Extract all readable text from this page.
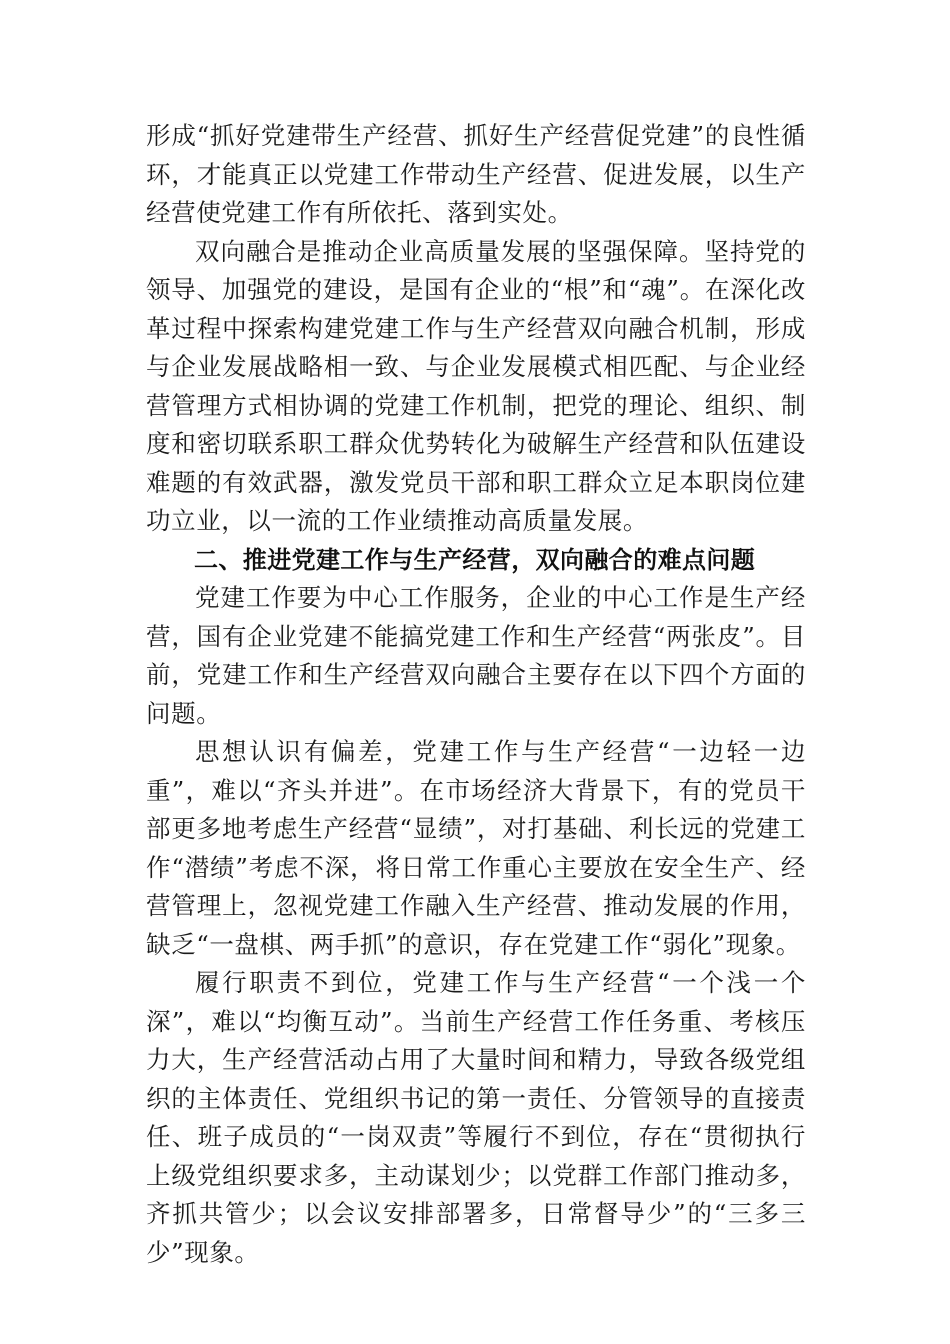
形成“抓好党建带生产经营、抓好生产经营促党建”的良性循环，才能真正以党建工作带动生产经营、促进发展，以生产经营使党建工作有所依托、落到实处。

双向融合是推动企业高质量发展的坚强保障。坚持党的领导、加强党的建设，是国有企业的“根”和“魂”。在深化改革过程中探索构建党建工作与生产经营双向融合机制，形成与企业发展战略相一致、与企业发展模式相匹配、与企业经营管理方式相协调的党建工作机制，把党的理论、组织、制度和密切联系职工群众优势转化为破解生产经营和队伍建设难题的有效武器，激发党员干部和职工群众立足本职岗位建功立业，以一流的工作业绩推动高质量发展。

二、推进党建工作与生产经营，双向融合的难点问题

党建工作要为中心工作服务，企业的中心工作是生产经营，国有企业党建不能搞党建工作和生产经营“两张皮”。目前，党建工作和生产经营双向融合主要存在以下四个方面的问题。

思想认识有偏差，党建工作与生产经营“一边轻一边重”，难以“齐头并进”。在市场经济大背景下，有的党员干部更多地考虑生产经营“显绩”，对打基础、利长远的党建工作“潜绩”考虑不深，将日常工作重心主要放在安全生产、经营管理上，忽视党建工作融入生产经营、推动发展的作用，缺乏“一盘棋、两手抓”的意识，存在党建工作“弱化”现象。

履行职责不到位，党建工作与生产经营“一个浅一个深”，难以“均衡互动”。当前生产经营工作任务重、考核压力大，生产经营活动占用了大量时间和精力，导致各级党组织的主体责任、党组织书记的第一责任、分管领导的直接责任、班子成员的“一岗双责”等履行不到位，存在“贯彻执行上级党组织要求多，主动谋划少；以党群工作部门推动多，齐抓共管少；以会议安排部署多，日常督导少”的“三多三少”现象。
